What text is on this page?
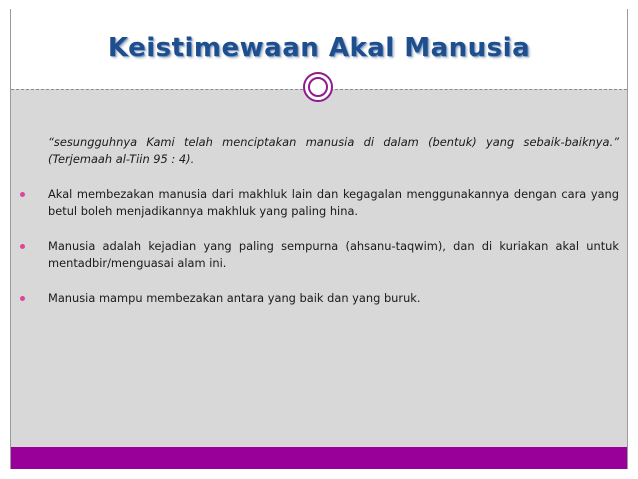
Keistimewaan Akal Manusia
“sesungguhnya Kami telah menciptakan manusia di dalam (bentuk) yang sebaik-baiknya.” (Terjemaah al-Tiin 95 : 4).
Akal membezakan manusia dari makhluk lain dan kegagalan menggunakannya dengan cara yang betul boleh menjadikannya makhluk yang paling hina.
Manusia adalah kejadian yang paling sempurna (ahsanu-taqwim), dan di kuriakan akal untuk mentadbir/menguasai alam ini.
Manusia mampu membezakan antara yang baik dan yang buruk.
